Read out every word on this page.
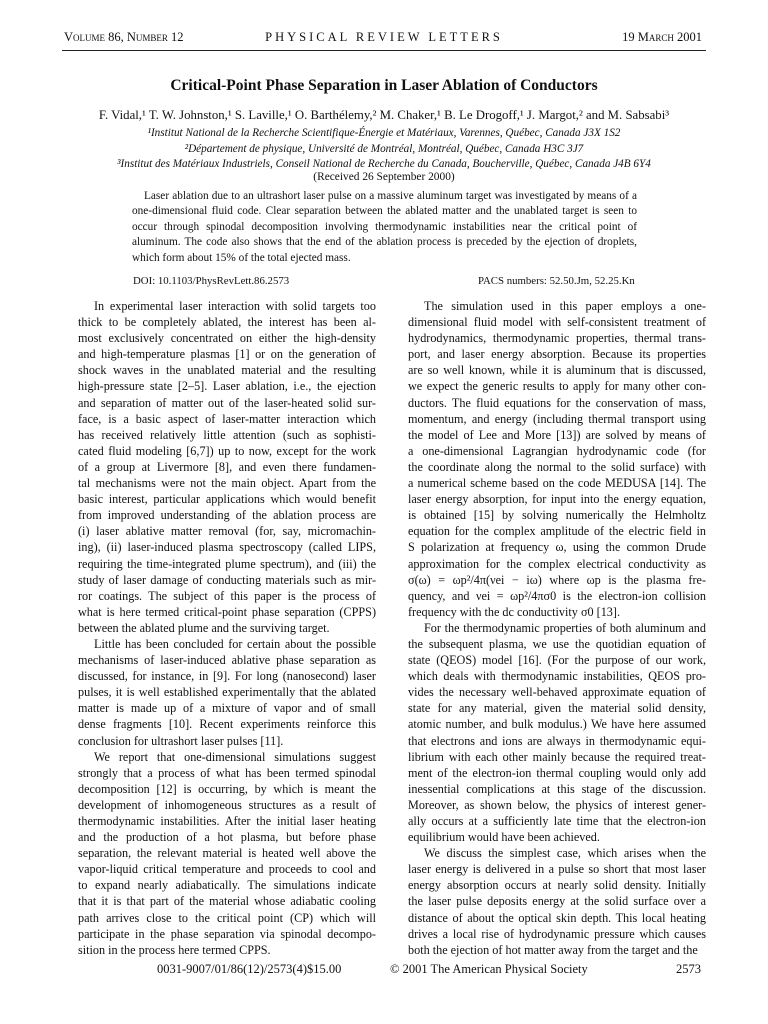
Volume 86, Number 12	PHYSICAL REVIEW LETTERS	19 March 2001
Critical-Point Phase Separation in Laser Ablation of Conductors
F. Vidal,¹ T. W. Johnston,¹ S. Laville,¹ O. Barthélemy,² M. Chaker,¹ B. Le Drogoff,¹ J. Margot,² and M. Sabsabi³
¹Institut National de la Recherche Scientifique-Énergie et Matériaux, Varennes, Québec, Canada J3X 1S2
²Département de physique, Université de Montréal, Montréal, Québec, Canada H3C 3J7
³Institut des Matériaux Industriels, Conseil National de Recherche du Canada, Boucherville, Québec, Canada J4B 6Y4
(Received 26 September 2000)
Laser ablation due to an ultrashort laser pulse on a massive aluminum target was investigated by means of a one-dimensional fluid code. Clear separation between the ablated matter and the unablated target is seen to occur through spinodal decomposition involving thermodynamic instabilities near the critical point of aluminum. The code also shows that the end of the ablation process is preceded by the ejection of droplets, which form about 15% of the total ejected mass.
DOI: 10.1103/PhysRevLett.86.2573	PACS numbers: 52.50.Jm, 52.25.Kn

In experimental laser interaction with solid targets too
thick to be completely ablated, the interest has been al-
most exclusively concentrated on either the high-density
and high-temperature plasmas [1] or on the generation of
shock waves in the unablated material and the resulting
high-pressure state [2–5]. Laser ablation, i.e., the ejection
and separation of matter out of the laser-heated solid sur-
face, is a basic aspect of laser-matter interaction which
has received relatively little attention (such as sophisti-
cated fluid modeling [6,7]) up to now, except for the work
of a group at Livermore [8], and even there fundamen-
tal mechanisms were not the main object. Apart from the
basic interest, particular applications which would benefit
from improved understanding of the ablation process are
(i) laser ablative matter removal (for, say, micromachin-
ing), (ii) laser-induced plasma spectroscopy (called LIPS,
requiring the time-integrated plume spectrum), and (iii) the
study of laser damage of conducting materials such as mir-
ror coatings. The subject of this paper is the process of
what is here termed critical-point phase separation (CPPS)
between the ablated plume and the surviving target.

Little has been concluded for certain about the possible
mechanisms of laser-induced ablative phase separation as
discussed, for instance, in [9]. For long (nanosecond) laser
pulses, it is well established experimentally that the ablated
matter is made up of a mixture of vapor and of small
dense fragments [10]. Recent experiments reinforce this
conclusion for ultrashort laser pulses [11].

We report that one-dimensional simulations suggest
strongly that a process of what has been termed spinodal
decomposition [12] is occurring, by which is meant the
development of inhomogeneous structures as a result of
thermodynamic instabilities. After the initial laser heating
and the production of a hot plasma, but before phase
separation, the relevant material is heated well above the
vapor-liquid critical temperature and proceeds to cool and
to expand nearly adiabatically. The simulations indicate
that it is that part of the material whose adiabatic cooling
path arrives close to the critical point (CP) which will
participate in the phase separation via spinodal decompo-
sition in the process here termed CPPS.

The simulation used in this paper employs a one-
dimensional fluid model with self-consistent treatment of
hydrodynamics, thermodynamic properties, thermal trans-
port, and laser energy absorption. Because its properties
are so well known, while it is aluminum that is discussed,
we expect the generic results to apply for many other con-
ductors. The fluid equations for the conservation of mass,
momentum, and energy (including thermal transport using
the model of Lee and More [13]) are solved by means of
a one-dimensional Lagrangian hydrodynamic code (for
the coordinate along the normal to the solid surface) with
a numerical scheme based on the code MEDUSA [14]. The
laser energy absorption, for input into the energy equation,
is obtained [15] by solving numerically the Helmholtz
equation for the complex amplitude of the electric field in
S polarization at frequency ω, using the common Drude
approximation for the complex electrical conductivity as
σ(ω) = ωp²/4π(νei − iω) where ωp is the plasma fre-
quency, and νei = ωp²/4πσ0 is the electron-ion collision
frequency with the dc conductivity σ0 [13].

For the thermodynamic properties of both aluminum and
the subsequent plasma, we use the quotidian equation of
state (QEOS) model [16]. (For the purpose of our work,
which deals with thermodynamic instabilities, QEOS pro-
vides the necessary well-behaved approximate equation of
state for any material, given the material solid density,
atomic number, and bulk modulus.) We have here assumed
that electrons and ions are always in thermodynamic equi-
librium with each other mainly because the required treat-
ment of the electron-ion thermal coupling would only add
inessential complications at this stage of the discussion.
Moreover, as shown below, the physics of interest gener-
ally occurs at a sufficiently late time that the electron-ion
equilibrium would have been achieved.

We discuss the simplest case, which arises when the
laser energy is delivered in a pulse so short that most laser
energy absorption occurs at nearly solid density. Initially
the laser pulse deposits energy at the solid surface over a
distance of about the optical skin depth. This local heating
drives a local rise of hydrodynamic pressure which causes
both the ejection of hot matter away from the target and the

0031-9007/01/86(12)/2573(4)$15.00	© 2001 The American Physical Society	2573
